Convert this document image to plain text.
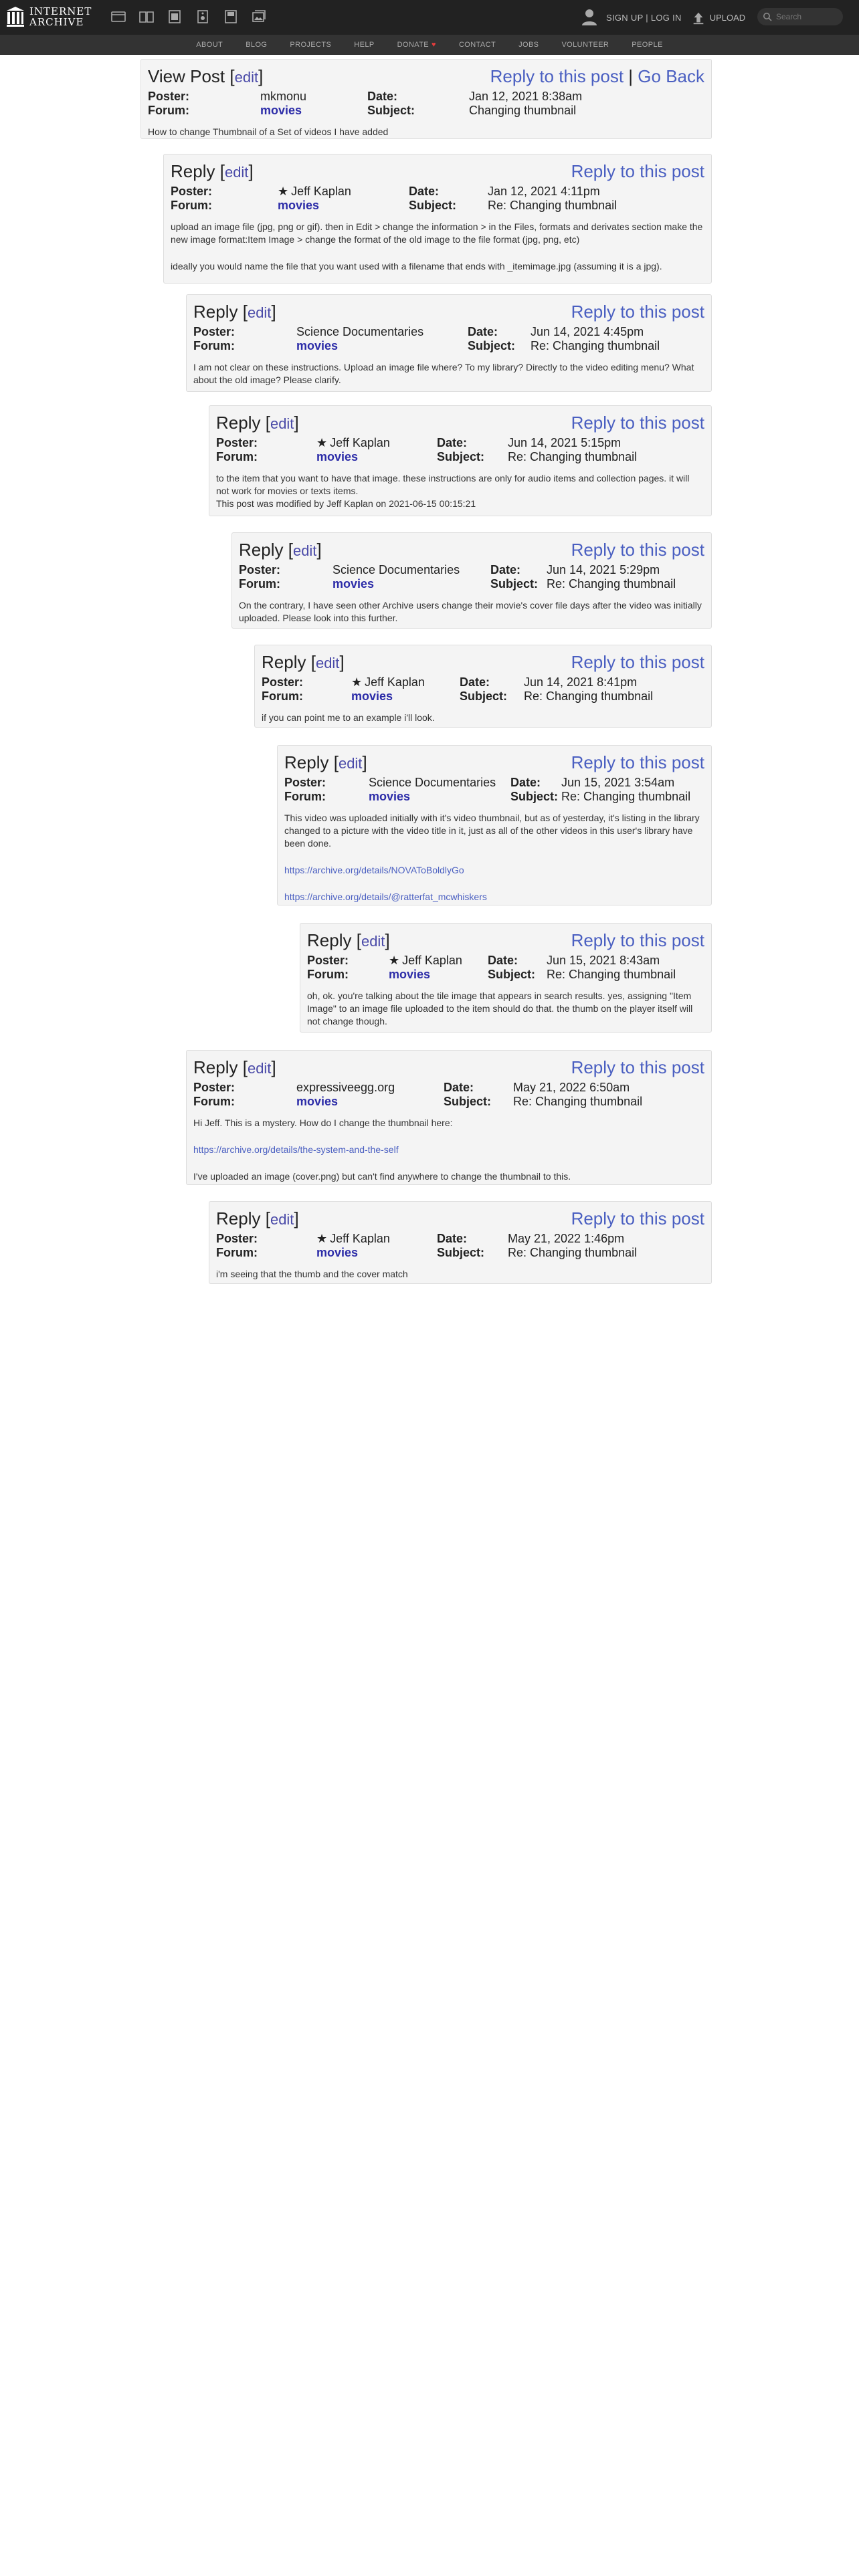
INTERNET
ARCHIVE	SIGN UP | LOG IN	UPLOAD
Search
ABOUT	BLOG	PROJECTS	HELP	DONATE ♥	CONTACT	JOBS	VOLUNTEER	PEOPLE
View Post [edit]	Reply to this post | Go Back
Poster:	mkmonu	Date:	Jan 12, 2021 8:38am
Forum:	movies	Subject:	Changing thumbnail

How to change Thumbnail of a Set of videos I have added

Reply [edit]	Reply to this post
Poster:	★ Jeff Kaplan	Date:	Jan 12, 2021 4:11pm
Forum:	movies	Subject:	Re: Changing thumbnail

upload an image file (jpg, png or gif). then in Edit > change the information > in the Files, formats and derivates section make the new image format:Item Image > change the format of the old image to the file format (jpg, png, etc)

ideally you would name the file that you want used with a filename that ends with _itemimage.jpg (assuming it is a jpg).

Reply [edit]	Reply to this post
Poster:	Science Documentaries	Date:	Jun 14, 2021 4:45pm
Forum:	movies	Subject:	Re: Changing thumbnail

I am not clear on these instructions. Upload an image file where? To my library? Directly to the video editing menu? What about the old image? Please clarify.

Reply [edit]	Reply to this post
Poster:	★ Jeff Kaplan	Date:	Jun 14, 2021 5:15pm
Forum:	movies	Subject:	Re: Changing thumbnail

to the item that you want to have that image. these instructions are only for audio items and collection pages. it will not work for movies or texts items.

This post was modified by Jeff Kaplan on 2021-06-15 00:15:21

Reply [edit]	Reply to this post
Poster:	Science Documentaries	Date:	Jun 14, 2021 5:29pm
Forum:	movies	Subject: Re: Changing thumbnail

On the contrary, I have seen other Archive users change their movie's cover file days after the video was initially uploaded. Please look into this further.

Reply [edit]	Reply to this post
Poster:	★ Jeff Kaplan	Date:	Jun 14, 2021 8:41pm
Forum:	movies	Subject:	Re: Changing thumbnail

if you can point me to an example i'll look.

Reply [edit]	Reply to this post
Poster:	Science Documentaries	Date:	Jun 15, 2021 3:54am
Forum:	movies	Subject: Re: Changing thumbnail

This video was uploaded initially with it's video thumbnail, but as of yesterday, it's listing in the library changed to a picture with the video title in it, just as all of the other videos in this user's library have been done.

https://archive.org/details/NOVAToBoldlyGo

https://archive.org/details/@ratterfat_mcwhiskers

Reply [edit]	Reply to this post
Poster:	★ Jeff Kaplan	Date:	Jun 15, 2021 8:43am
Forum:	movies	Subject: Re: Changing thumbnail

oh, ok. you're talking about the tile image that appears in search results. yes, assigning "Item Image" to an image file uploaded to the item should do that. the thumb on the player itself will not change though.

Reply [edit]	Reply to this post
Poster:	expressiveegg.org	Date:	May 21, 2022 6:50am
Forum:	movies	Subject:	Re: Changing thumbnail

Hi Jeff. This is a mystery. How do I change the thumbnail here:

https://archive.org/details/the-system-and-the-self

I've uploaded an image (cover.png) but can't find anywhere to change the thumbnail to this.

Reply [edit]	Reply to this post
Poster:	★ Jeff Kaplan	Date:	May 21, 2022 1:46pm
Forum:	movies	Subject:	Re: Changing thumbnail

i'm seeing that the thumb and the cover match
